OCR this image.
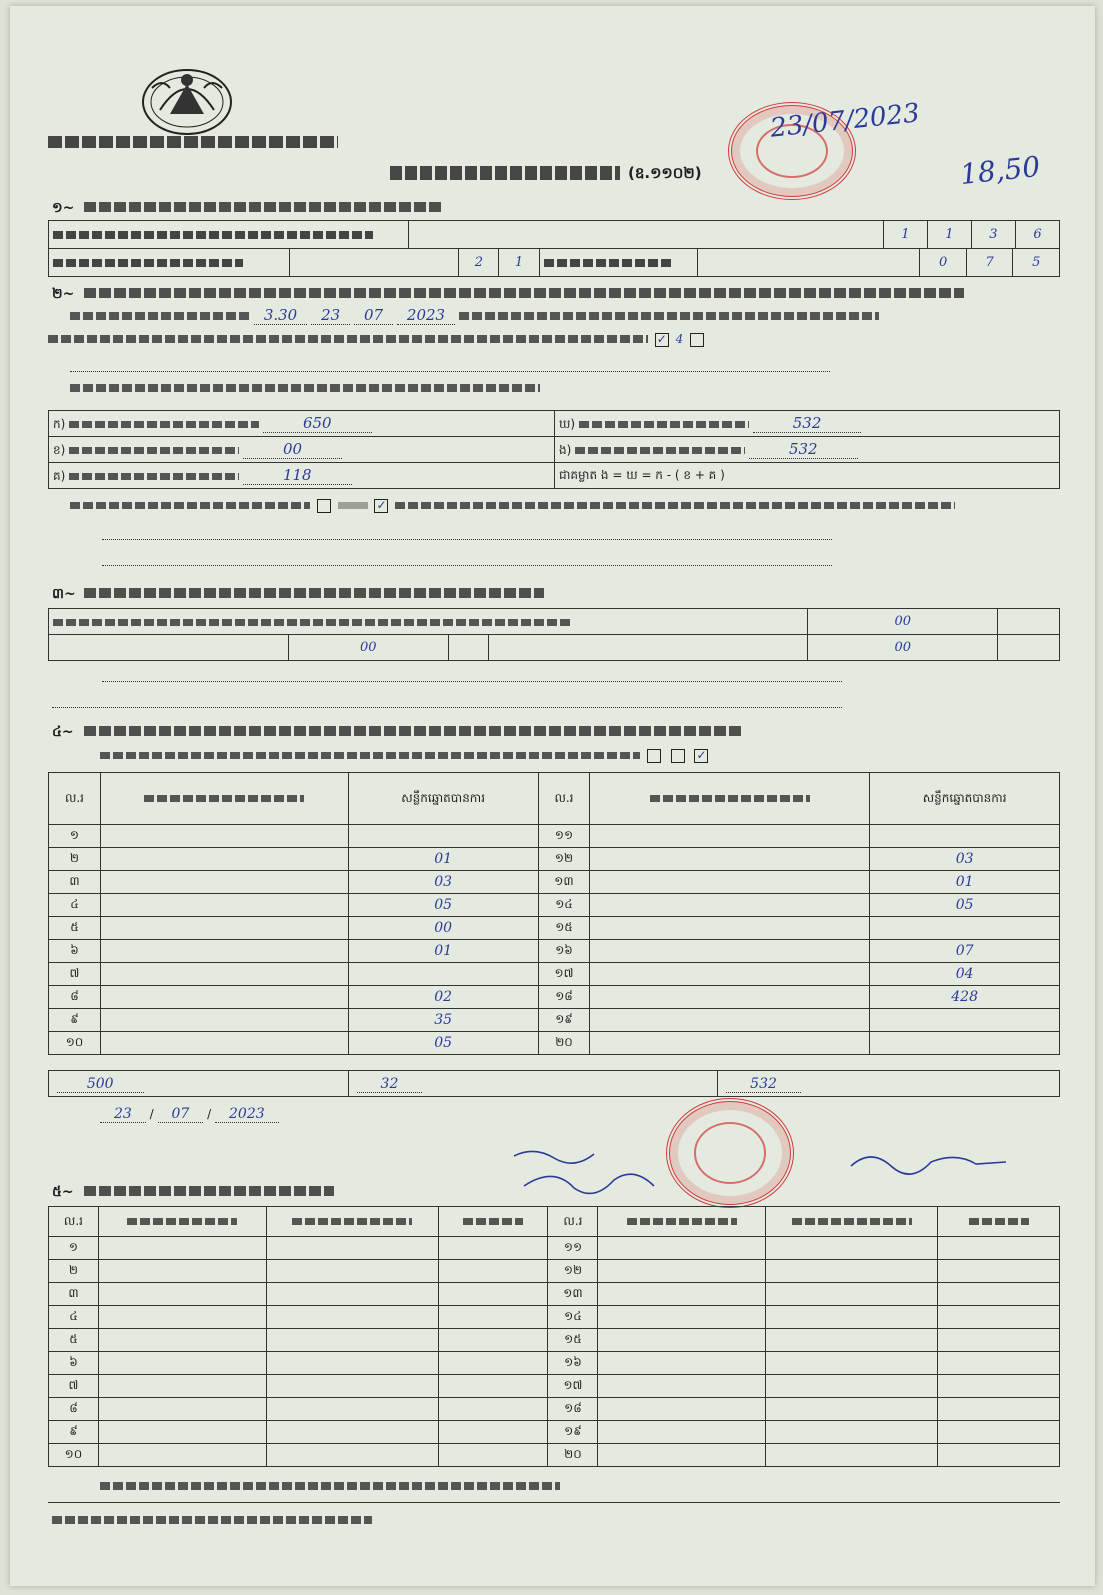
23/07/2023
18,50
(ឧ.១១០២)
១~
		1	1	3	6
		2	1			0	7	5
២~
3.30 23 07 2023
✓ 4
ក) 650	ឃ) 532
ខ) 00	ង) 532
គ) 118	ជាគម្លាត ង = ឃ = ក - ( ខ + គ )
✓
៣~
				00	
	00			00	
៤~
✓
ល.រ		សន្លឹកឆ្នោតបានការ	ល.រ		សន្លឹកឆ្នោតបានការ
១			១១		
២		01	១២		03
៣		03	១៣		01
៤		05	១៤		05
៥		00	១៥		
៦		01	១៦		07
៧			១៧		04
៨		02	១៨		428
៩		35	១៩		
១០		05	២០		
500	32	532
23 / 07 / 2023
៥~
ល.រ				ល.រ	

១				១១			
២				១២			
៣				១៣			
៤				១៤			
៥				១៥			
៦				១៦			
៧				១៧			
៨				១៨			
៩				១៩			
១០				២០			
